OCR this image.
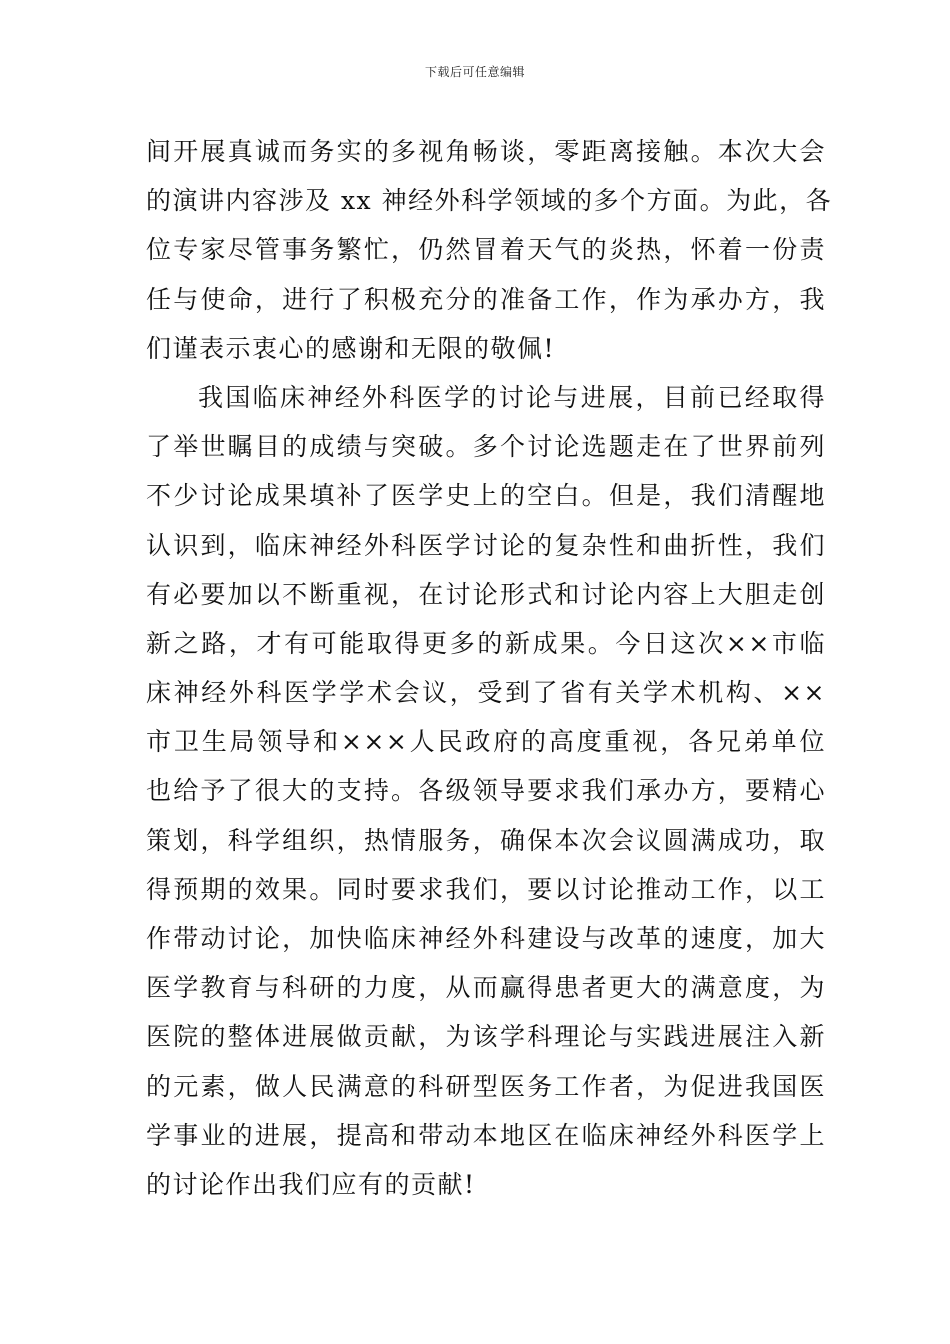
下载后可任意编辑
间开展真诚而务实的多视角畅谈，零距离接触。本次大会
的演讲内容涉及 xx 神经外科学领域的多个方面。为此，各
位专家尽管事务繁忙，仍然冒着天气的炎热，怀着一份责
任与使命，进行了积极充分的准备工作，作为承办方，我
们谨表示衷心的感谢和无限的敬佩!
我国临床神经外科医学的讨论与进展，目前已经取得
了举世瞩目的成绩与突破。多个讨论选题走在了世界前列
不少讨论成果填补了医学史上的空白。但是，我们清醒地
认识到，临床神经外科医学讨论的复杂性和曲折性，我们
有必要加以不断重视，在讨论形式和讨论内容上大胆走创
新之路，才有可能取得更多的新成果。今日这次××市临
床神经外科医学学术会议，受到了省有关学术机构、××
市卫生局领导和×××人民政府的高度重视，各兄弟单位
也给予了很大的支持。各级领导要求我们承办方，要精心
策划，科学组织，热情服务，确保本次会议圆满成功，取
得预期的效果。同时要求我们，要以讨论推动工作，以工
作带动讨论，加快临床神经外科建设与改革的速度，加大
医学教育与科研的力度，从而赢得患者更大的满意度，为
医院的整体进展做贡献，为该学科理论与实践进展注入新
的元素，做人民满意的科研型医务工作者，为促进我国医
学事业的进展，提高和带动本地区在临床神经外科医学上
的讨论作出我们应有的贡献!
